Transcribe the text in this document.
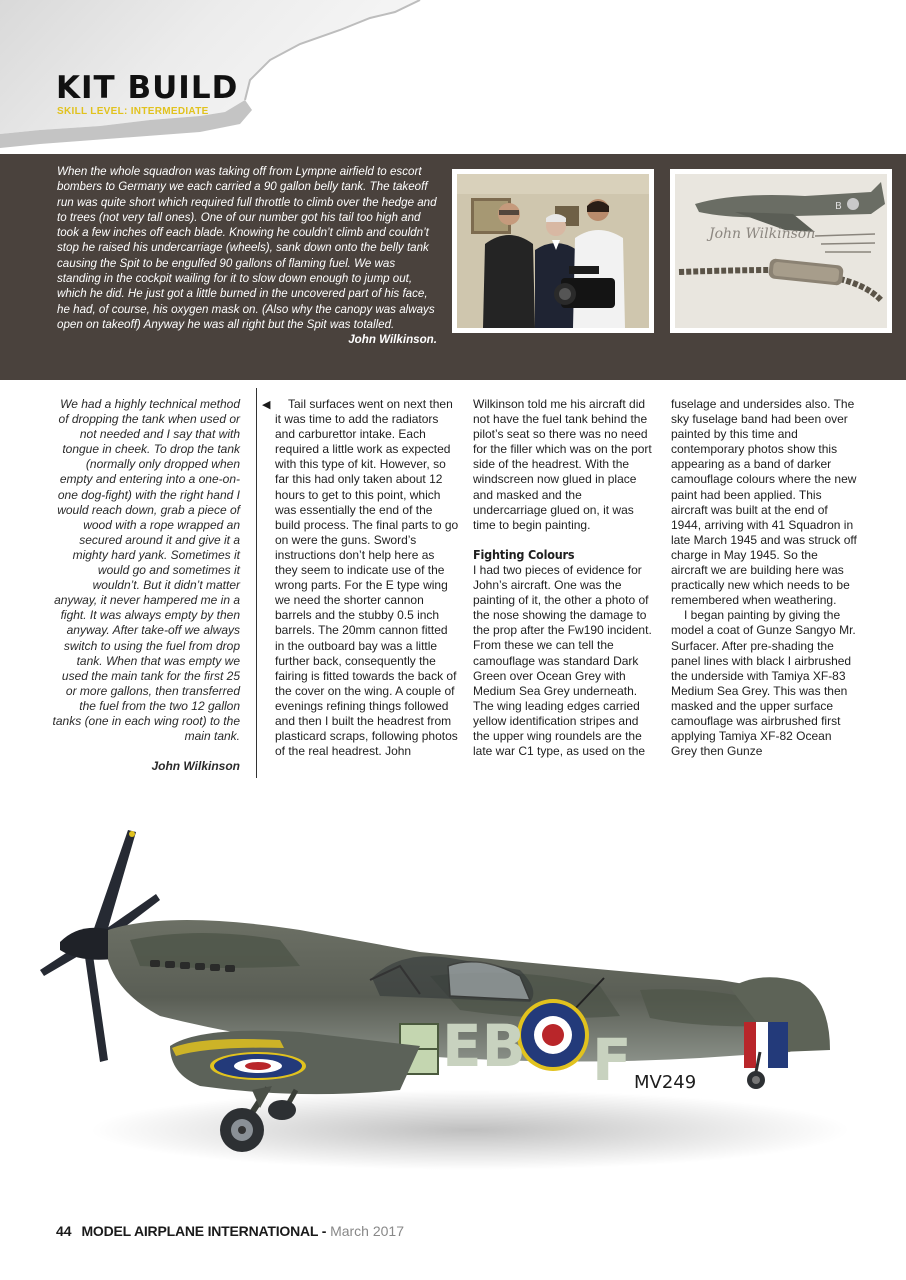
KIT BUILD
SKILL LEVEL: INTERMEDIATE

When the whole squadron was taking off from Lympne airfield to escort bombers to Germany we each carried a 90 gallon belly tank. The takeoff run was quite short which required full throttle to climb over the hedge and to trees (not very tall ones). One of our number got his tail too high and took a few inches off each blade. Knowing he couldn’t climb and couldn’t stop he raised his undercarriage (wheels), sank down onto the belly tank causing the Spit to be engulfed 90 gallons of flaming fuel. We was standing in the cockpit wailing for it to slow down enough to jump out, which he did. He just got a little burned in the uncovered part of his face, he had, of course, his oxygen mask on. (Also why the canopy was always open on takeoff) Anyway he was all right but the Spit was totalled.

John Wilkinson.

B
John Wilkinson

We had a highly technical method of dropping the tank when used or not needed and I say that with tongue in cheek. To drop the tank (normally only dropped when empty and entering into a one-on-one dog-fight) with the right hand I would reach down, grab a piece of wood with a rope wrapped an secured around it and give it a mighty hard yank. Sometimes it would go and sometimes it wouldn’t. But it didn’t matter anyway, it never hampered me in a fight. It was always empty by then anyway. After take-off we always switch to using the fuel from drop tank. When that was empty we used the main tank for the first 25 or more gallons, then transferred the fuel from the two 12 gallon tanks (one in each wing root) to the main tank.

John Wilkinson

◀	Tail surfaces went on next then it was time to add the radiators and carburettor intake. Each required a little work as expected with this type of kit. However, so far this had only taken about 12 hours to get to this point, which was essentially the end of the build process. The final parts to go on were the guns. Sword’s instructions don’t help here as they seem to indicate use of the wrong parts. For the E type wing we need the shorter cannon barrels and the stubby 0.5 inch barrels. The 20mm cannon fitted in the outboard bay was a little further back, consequently the fairing is fitted towards the back of the cover on the wing. A couple of evenings refining things followed and then I built the headrest from plasticard scraps, following photos of the real headrest. John

Wilkinson told me his aircraft did not have the fuel tank behind the pilot’s seat so there was no need for the filler which was on the port side of the headrest. With the windscreen now glued in place and masked and the undercarriage glued on, it was time to begin painting.

Fighting Colours

I had two pieces of evidence for John’s aircraft. One was the painting of it, the other a photo of the nose showing the damage to the prop after the Fw190 incident. From these we can tell the camouflage was standard Dark Green over Ocean Grey with Medium Sea Grey underneath. The wing leading edges carried yellow identification stripes and the upper wing roundels are the late war C1 type, as used on the

fuselage and undersides also. The sky fuselage band had been over painted by this time and contemporary photos show this appearing as a band of darker camouflage colours where the new paint had been applied. This aircraft was built at the end of 1944, arriving with 41 Squadron in late March 1945 and was struck off charge in May 1945. So the aircraft we are building here was practically new which needs to be remembered when weathering.

I began painting by giving the model a coat of Gunze Sangyo Mr. Surfacer. After pre-shading the panel lines with black I airbrushed the underside with Tamiya XF-83 Medium Sea Grey. This was then masked and the upper surface camouflage was airbrushed first applying Tamiya XF-82 Ocean Grey then Gunze

EB F MV249
44 MODEL AIRPLANE INTERNATIONAL - March 2017
